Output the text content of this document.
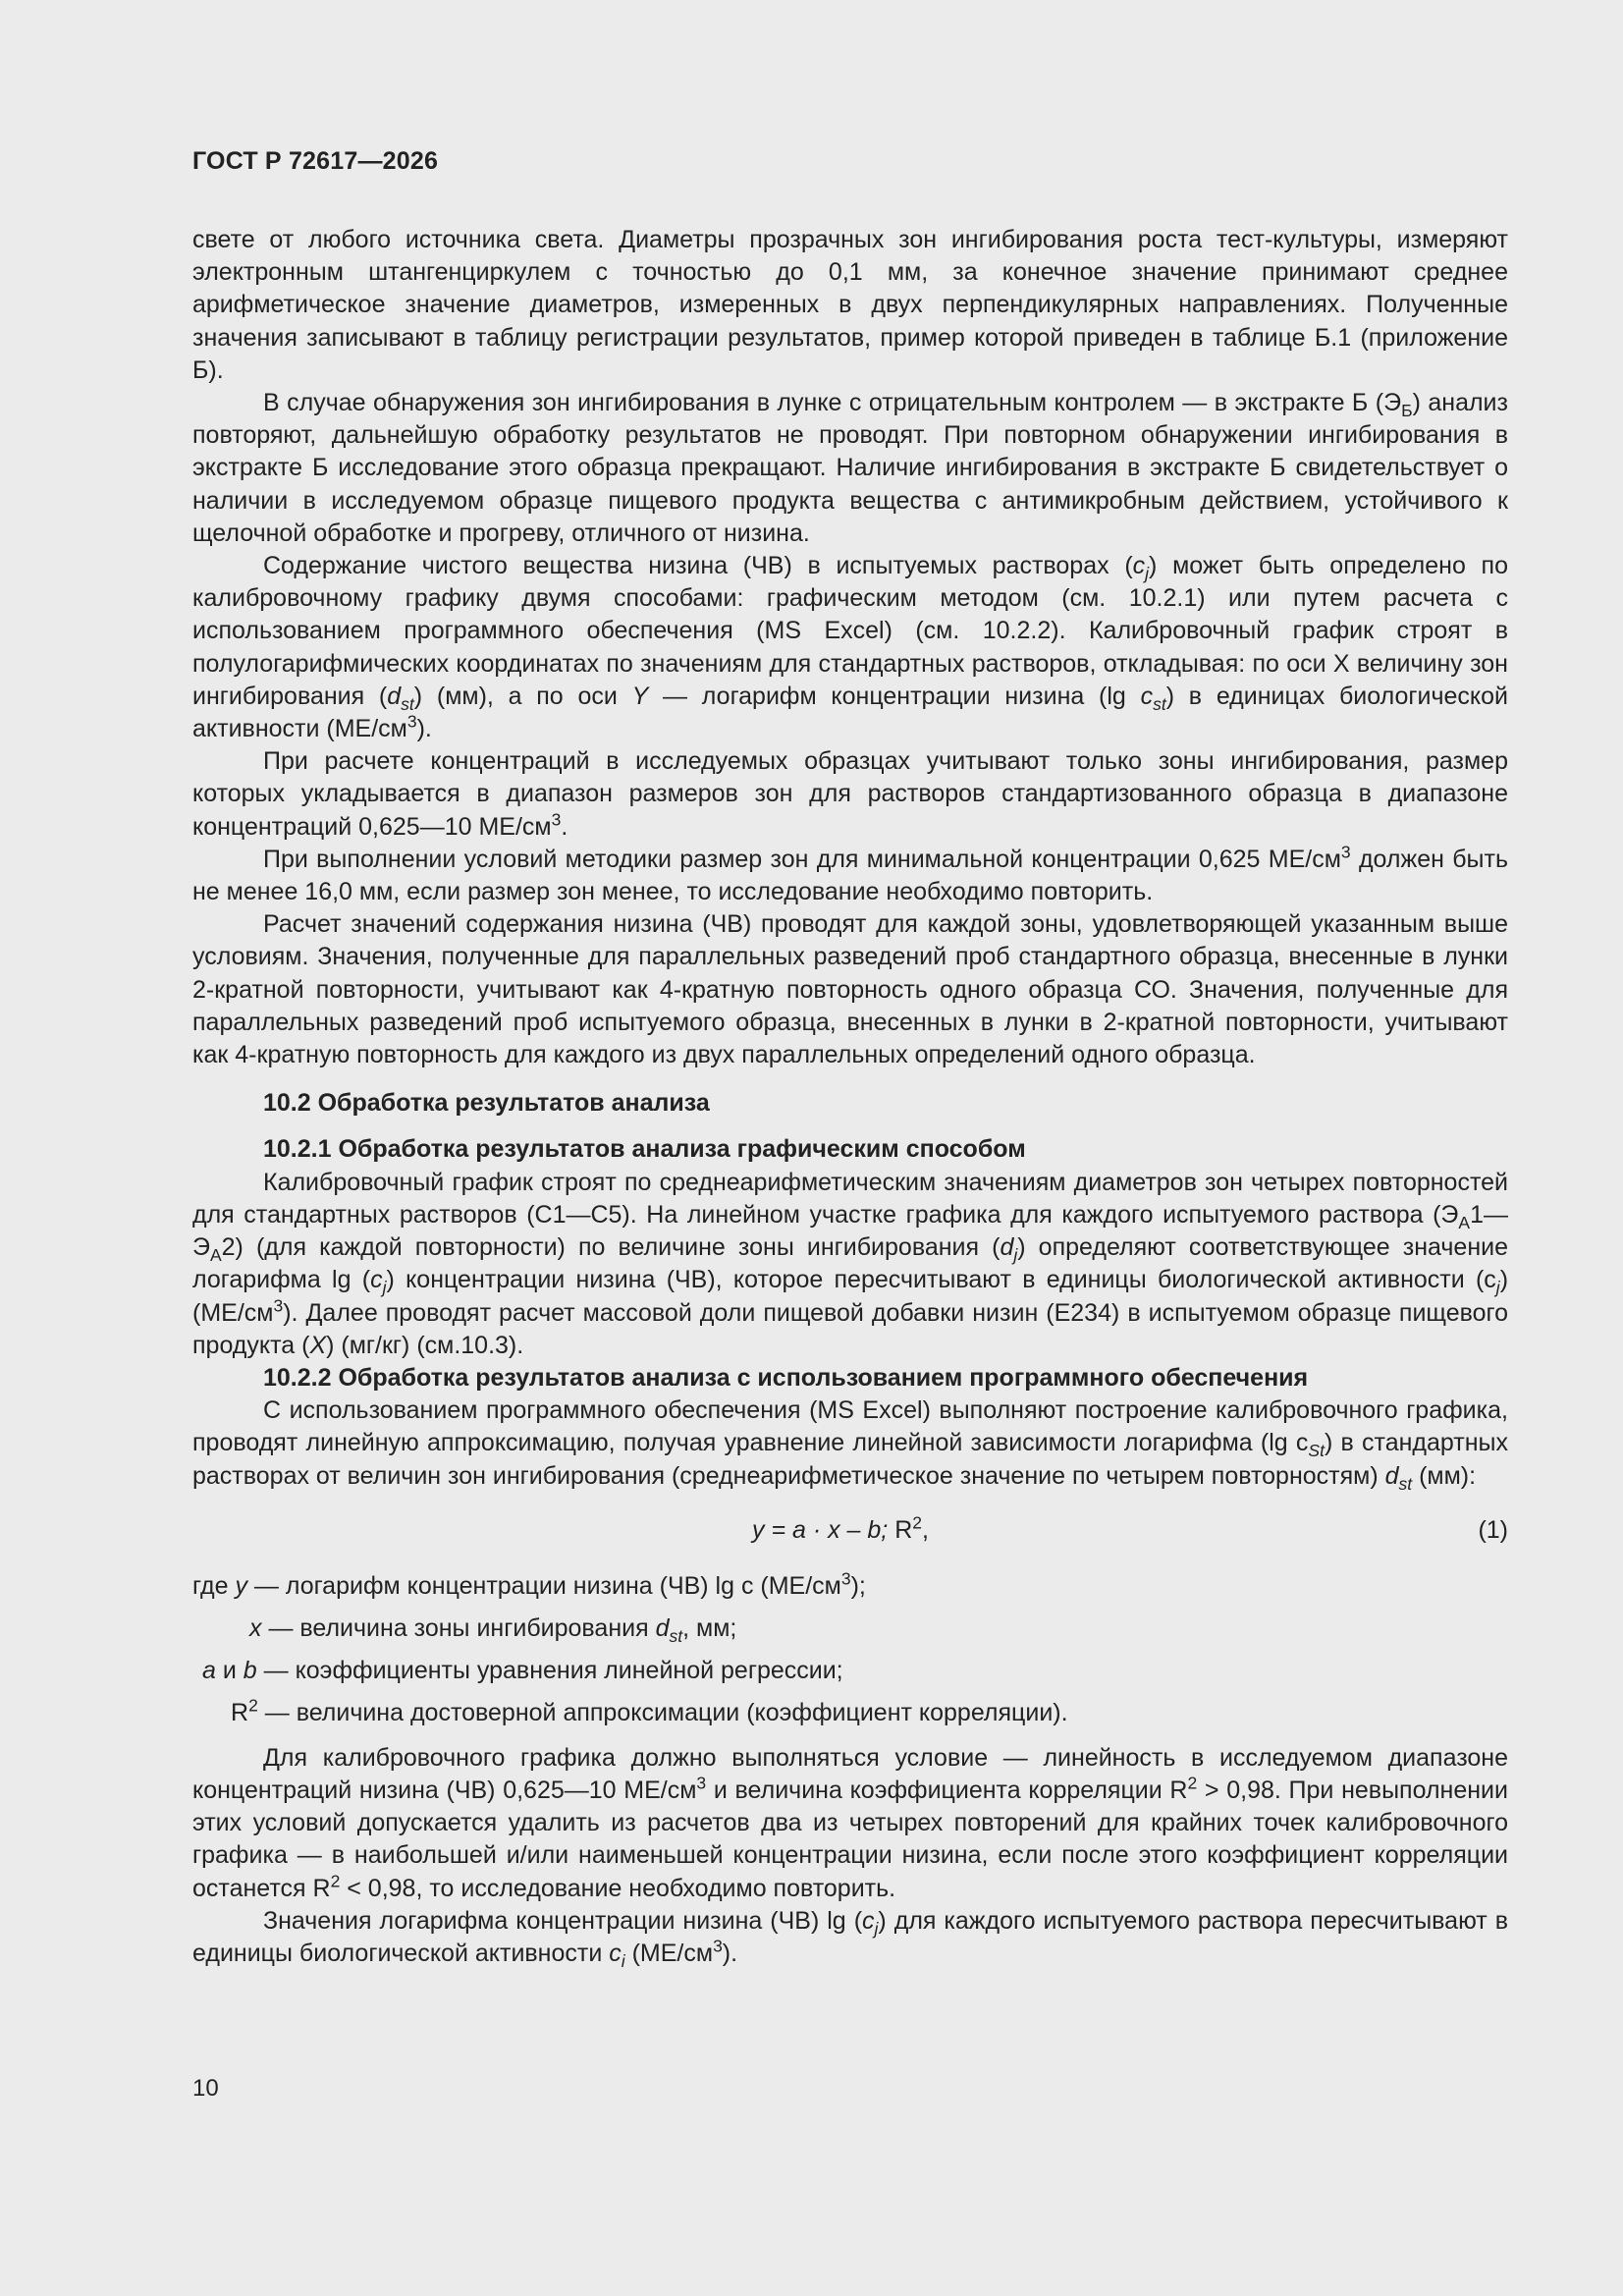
ГОСТ Р 72617—2026

свете от любого источника света. Диаметры прозрачных зон ингибирования роста тест-культуры, измеряют электронным штангенциркулем с точностью до 0,1 мм, за конечное значение принимают среднее арифметическое значение диаметров, измеренных в двух перпендикулярных направлениях. Полученные значения записывают в таблицу регистрации результатов, пример которой приведен в таблице Б.1 (приложение Б).

В случае обнаружения зон ингибирования в лунке с отрицательным контролем — в экстракте Б $(Э_Б)$ анализ повторяют, дальнейшую обработку результатов не проводят. При повторном обнаружении ингибирования в экстракте Б исследование этого образца прекращают. Наличие ингибирования в экстракте Б свидетельствует о наличии в исследуемом образце пищевого продукта вещества с антимикробным действием, устойчивого к щелочной обработке и прогреву, отличного от низина.

Содержание чистого вещества низина (ЧВ) в испытуемых растворах $(c_j)$ может быть определено по калибровочному графику двумя способами: графическим методом (см. 10.2.1) или путем расчета с использованием программного обеспечения (MS Excel) (см. 10.2.2). Калибровочный график строят в полулогарифмических координатах по значениям для стандартных растворов, откладывая: по оси X величину зон ингибирования $(d_{st})$ (мм), а по оси Y — логарифм концентрации низина (lg $c_{st}$) в единицах биологической активности $(МЕ/см^3)$.

При расчете концентраций в исследуемых образцах учитывают только зоны ингибирования, размер которых укладывается в диапазон размеров зон для растворов стандартизованного образца в диапазоне концентраций 0,625—10 $МЕ/см^3$.

При выполнении условий методики размер зон для минимальной концентрации 0,625 $МЕ/см^3$ должен быть не менее 16,0 мм, если размер зон менее, то исследование необходимо повторить.

Расчет значений содержания низина (ЧВ) проводят для каждой зоны, удовлетворяющей указанным выше условиям. Значения, полученные для параллельных разведений проб стандартного образца, внесенные в лунки 2-кратной повторности, учитывают как 4-кратную повторность одного образца СО. Значения, полученные для параллельных разведений проб испытуемого образца, внесенных в лунки в 2-кратной повторности, учитывают как 4-кратную повторность для каждого из двух параллельных определений одного образца.

10.2 Обработка результатов анализа
10.2.1 Обработка результатов анализа графическим способом

Калибровочный график строят по среднеарифметическим значениям диаметров зон четырех повторностей для стандартных растворов (С1—С5). На линейном участке графика для каждого испытуемого раствора $(Э_А1—Э_А2)$ (для каждой повторности) по величине зоны ингибирования $(d_j)$ определяют соответствующее значение логарифма $\lg (c_j)$ концентрации низина (ЧВ), которое пересчитывают в единицы биологической активности $(c_j)$ $(МЕ/см^3)$. Далее проводят расчет массовой доли пищевой добавки низин (Е234) в испытуемом образце пищевого продукта (X) (мг/кг) (см.10.3).

10.2.2 Обработка результатов анализа с использованием программного обеспечения

С использованием программного обеспечения (MS Excel) выполняют построение калибровочного графика, проводят линейную аппроксимацию, получая уравнение линейной зависимости логарифма (lg $c_{St}$) в стандартных растворах от величин зон ингибирования (среднеарифметическое значение по четырем повторностям) $d_{st}$ (мм):

y = a · x – b; $R^2$,	(1)
где y — логарифм концентрации низина (ЧВ) lg c $(МЕ/см^3)$;
x — величина зоны ингибирования $d_{st}$, мм;
a и b — коэффициенты уравнения линейной регрессии;
$R^2$ — величина достоверной аппроксимации (коэффициент корреляции).

Для калибровочного графика должно выполняться условие — линейность в исследуемом диапазоне концентраций низина (ЧВ) 0,625—10 $МЕ/см^3$ и величина коэффициента корреляции $R^2 > 0,98$. При невыполнении этих условий допускается удалить из расчетов два из четырех повторений для крайних точек калибровочного графика — в наибольшей и/или наименьшей концентрации низина, если после этого коэффициент корреляции останется $R^2 < 0,98$, то исследование необходимо повторить.

Значения логарифма концентрации низина (ЧВ) $\lg (c_j)$ для каждого испытуемого раствора пересчитывают в единицы биологической активности $c_i$ $(МЕ/см^3)$.

10
